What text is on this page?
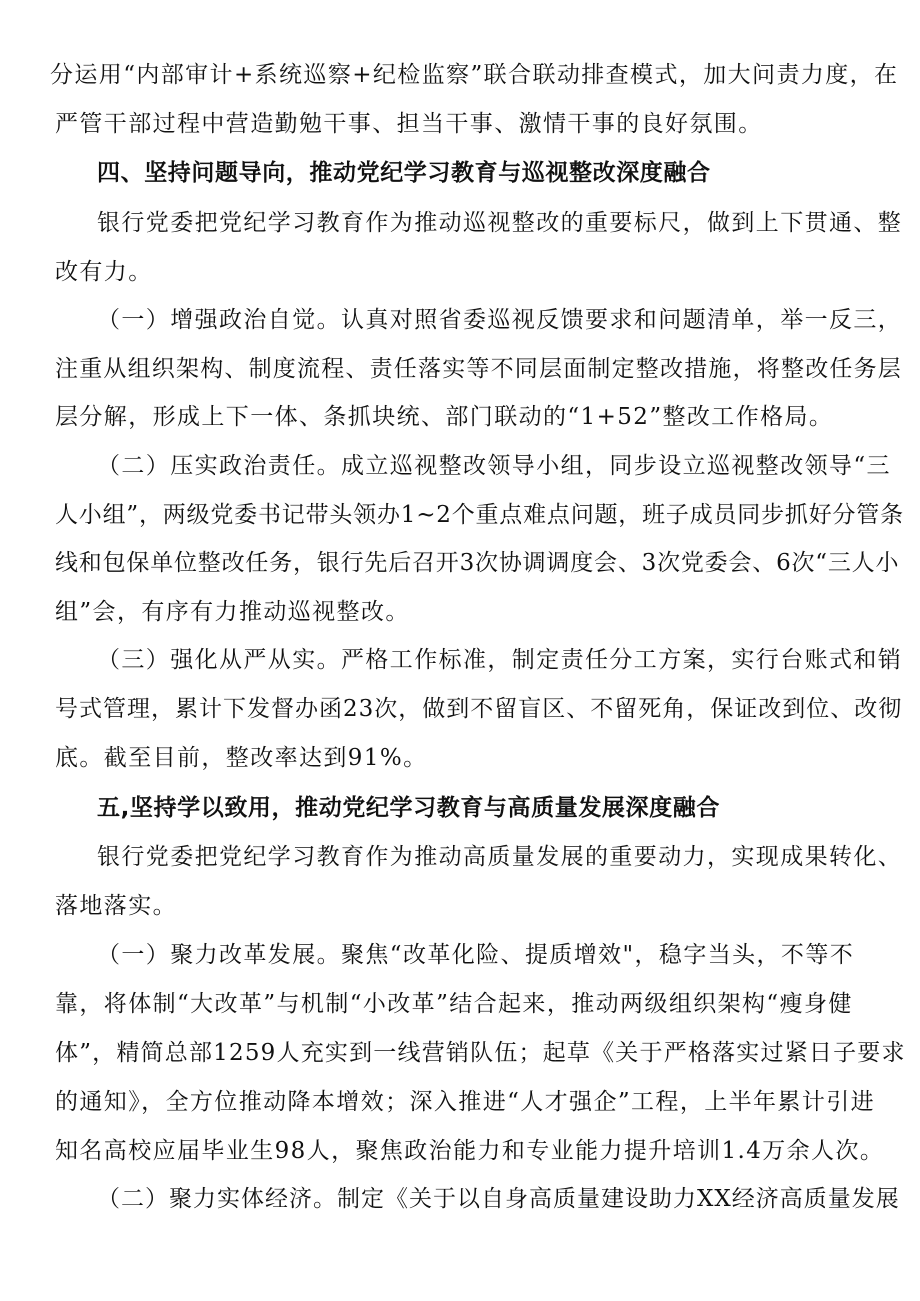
分运用“内部审计+系统巡察+纪检监察”联合联动排查模式，加大问责力度，在
严管干部过程中营造勤勉干事、担当干事、激情干事的良好氛围。
四、坚持问题导向，推动党纪学习教育与巡视整改深度融合
银行党委把党纪学习教育作为推动巡视整改的重要标尺，做到上下贯通、整
改有力。
（一）增强政治自觉。认真对照省委巡视反馈要求和问题清单，举一反三，
注重从组织架构、制度流程、责任落实等不同层面制定整改措施，将整改任务层
层分解，形成上下一体、条抓块统、部门联动的“1+52”整改工作格局。
（二）压实政治责任。成立巡视整改领导小组，同步设立巡视整改领导“三
人小组”，两级党委书记带头领办1~2个重点难点问题，班子成员同步抓好分管条
线和包保单位整改任务，银行先后召开3次协调调度会、3次党委会、6次“三人小
组”会，有序有力推动巡视整改。
（三）强化从严从实。严格工作标准，制定责任分工方案，实行台账式和销
号式管理，累计下发督办函23次，做到不留盲区、不留死角，保证改到位、改彻
底。截至目前，整改率达到91%。
五,坚持学以致用，推动党纪学习教育与高质量发展深度融合
银行党委把党纪学习教育作为推动高质量发展的重要动力，实现成果转化、
落地落实。
（一）聚力改革发展。聚焦“改革化险、提质增效"，稳字当头，不等不
靠，将体制“大改革”与机制“小改革”结合起来，推动两级组织架构“瘦身健
体”，精简总部1259人充实到一线营销队伍；起草《关于严格落实过紧日子要求
的通知》，全方位推动降本增效；深入推进“人才强企”工程，上半年累计引进
知名高校应届毕业生98人，聚焦政治能力和专业能力提升培训1.4万余人次。
（二）聚力实体经济。制定《关于以自身高质量建设助力XX经济高质量发展
